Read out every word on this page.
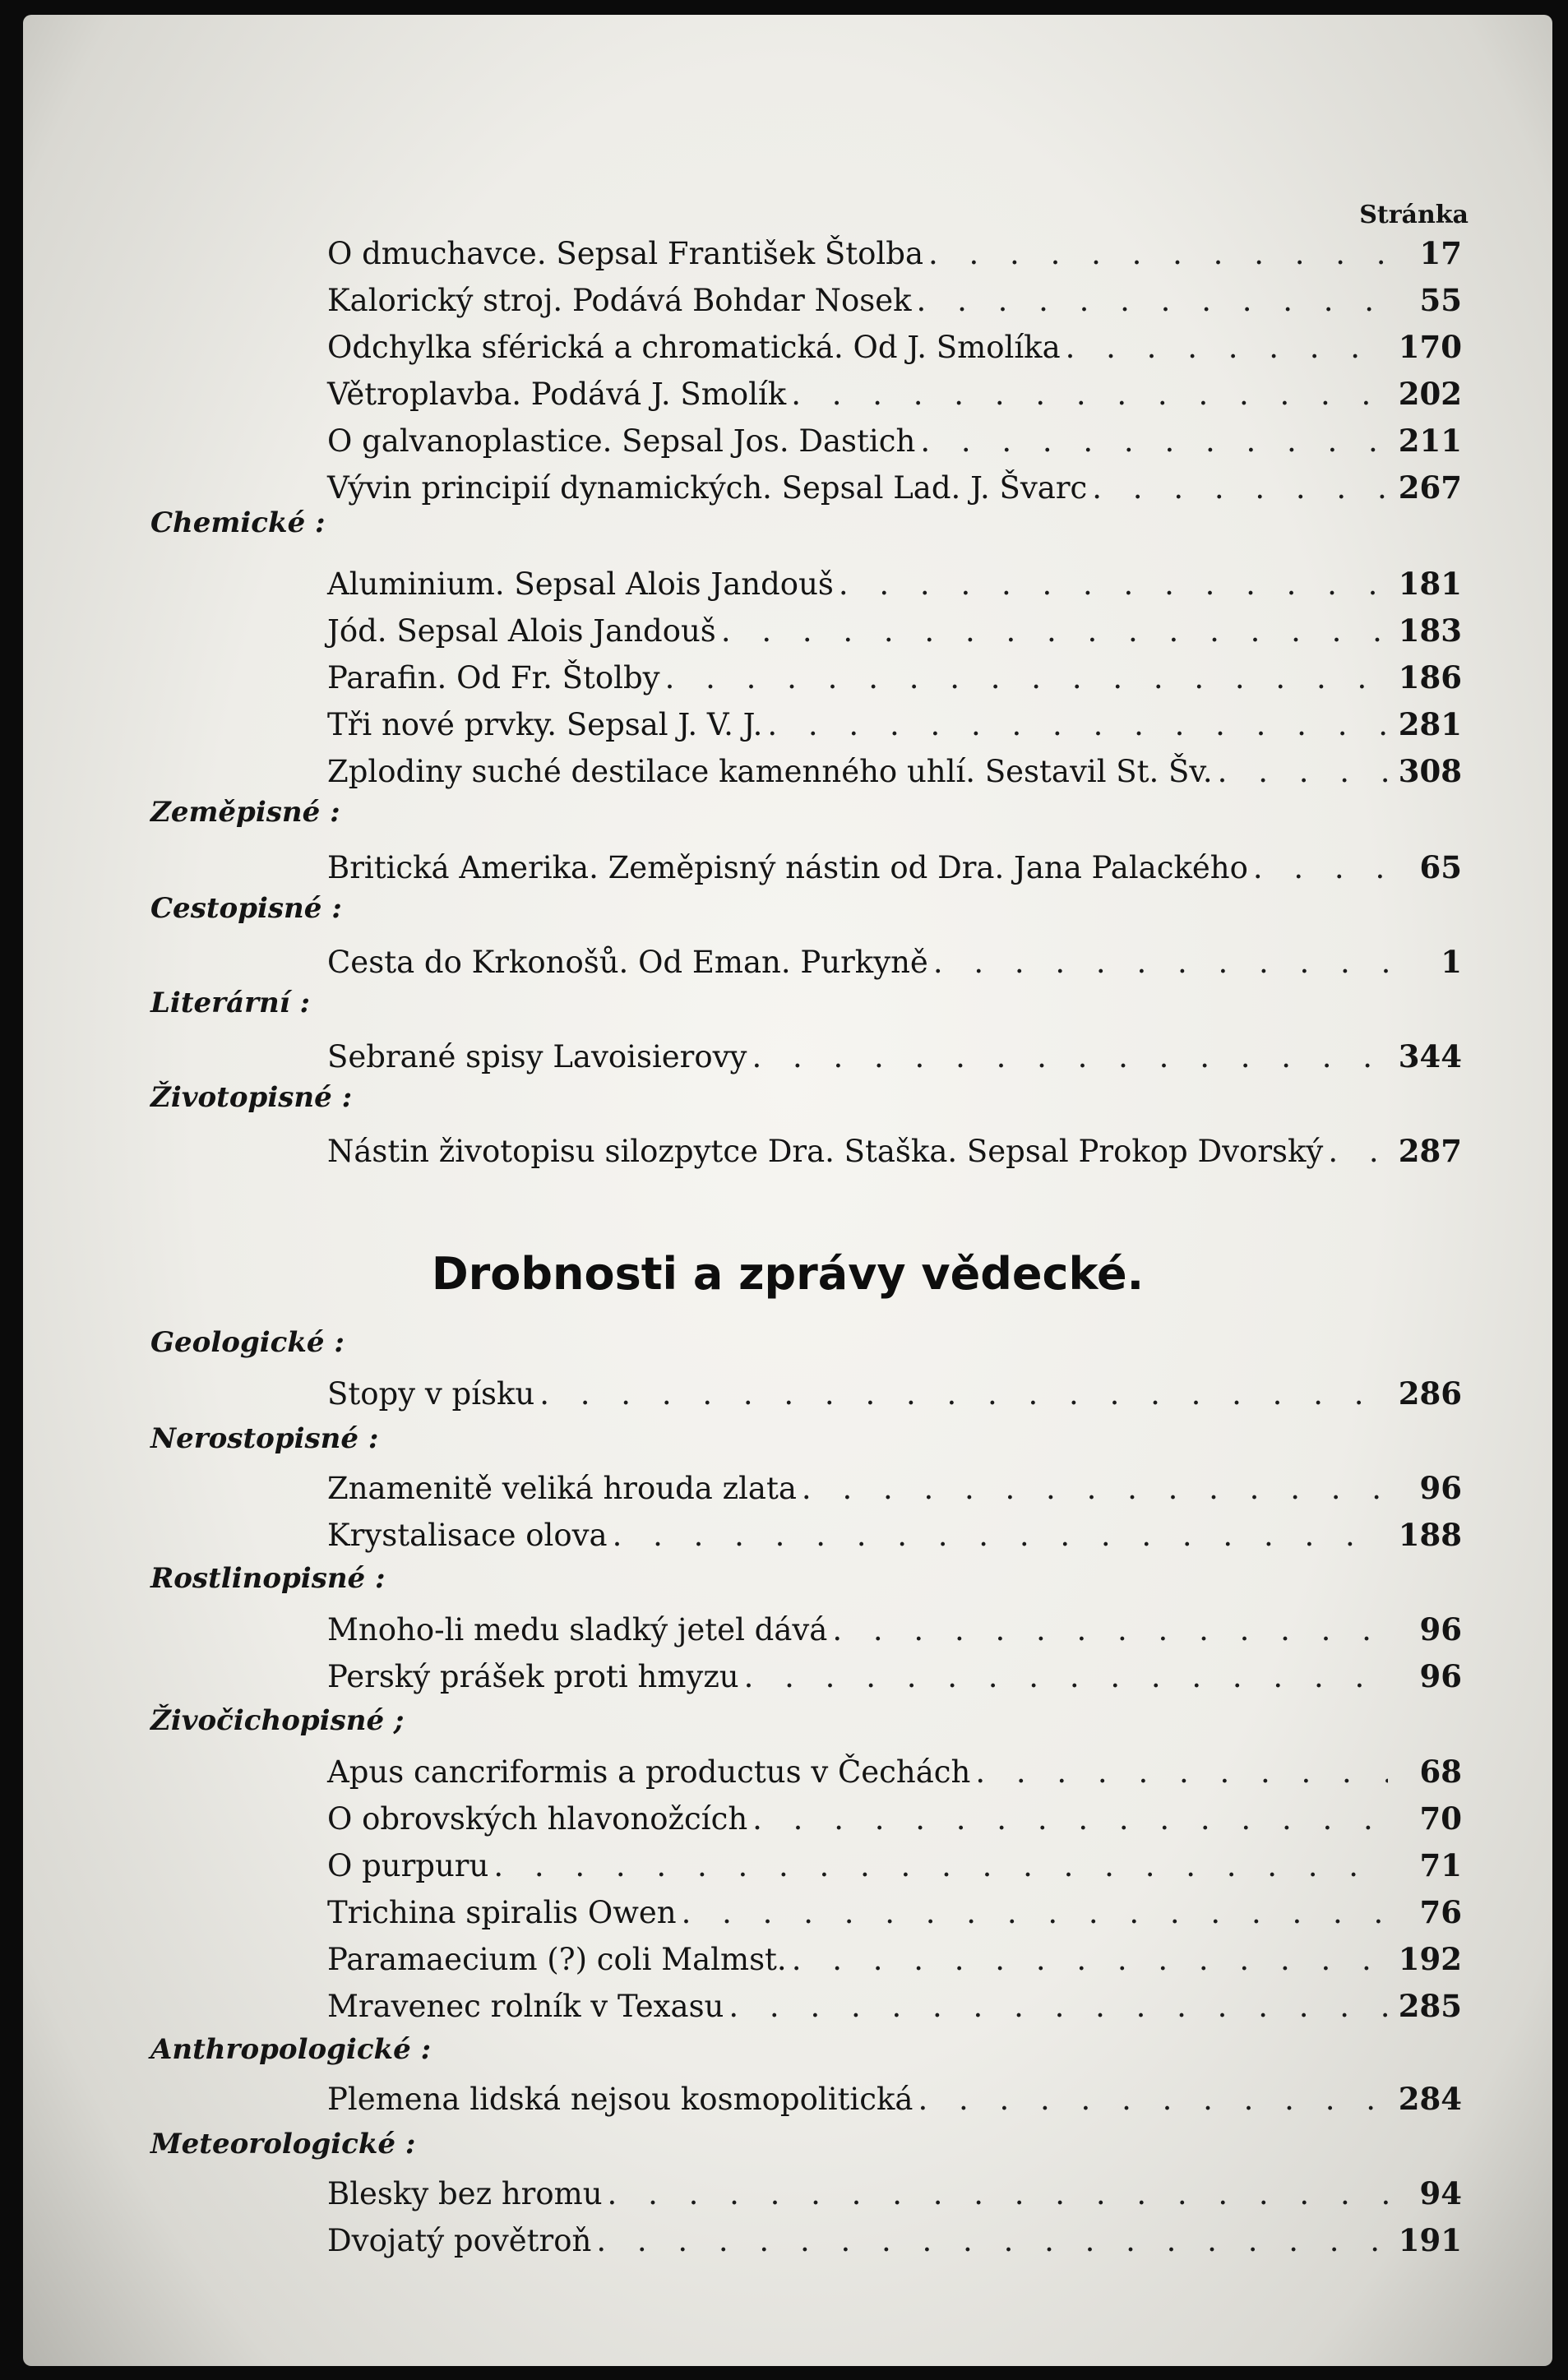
Stránka
O dmuchavce. Sepsal František Štolba . . .	17
Kalorický stroj. Podává Bohdar Nosek . . .	55
Odchylka sférická a chromatická. Od J. Smolíka . . .	170
Větroplavba. Podává J. Smolík . . .	202
O galvanoplastice. Sepsal Jos. Dastich . . .	211
Vývin principií dynamických. Sepsal Lad. J. Švarc . . .	267
Chemické :
Aluminium. Sepsal Alois Jandouš . . .	181
Jód. Sepsal Alois Jandouš . . .	183
Parafin. Od Fr. Štolby . . .	186
Tři nové prvky. Sepsal J. V. J. . . .	281
Zplodiny suché destilace kamenného uhlí. Sestavil St. Šv. . . .	308
Zeměpisné :
Britická Amerika. Zeměpisný nástin od Dra. Jana Palackého . . .	65
Cestopisné :
Cesta do Krkonošů. Od Eman. Purkyně . . .	1
Literární :
Sebrané spisy Lavoisierovy . . .	344
Životopisné :
Nástin životopisu silozpytce Dra. Staška. Sepsal Prokop Dvorský . . .	287
Drobnosti a zprávy vědecké.
Geologické :
Stopy v písku . . .	286
Nerostopisné :
Znamenitě veliká hrouda zlata . . .	96
Krystalisace olova . . .	188
Rostlinopisné :
Mnoho-li medu sladký jetel dává . . .	96
Perský prášek proti hmyzu . . .	96
Živočichopisné ;
Apus cancriformis a productus v Čechách . . .	68
O obrovských hlavonožcích . . .	70
O purpuru . . .	71
Trichina spiralis Owen . . .	76
Paramaecium (?) coli Malmst. . . .	192
Mravenec rolník v Texasu . . .	285
Anthropologické :
Plemena lidská nejsou kosmopolitická . . .	284
Meteorologické :
Blesky bez hromu . . .	94
Dvojatý povětroň . . .	191
